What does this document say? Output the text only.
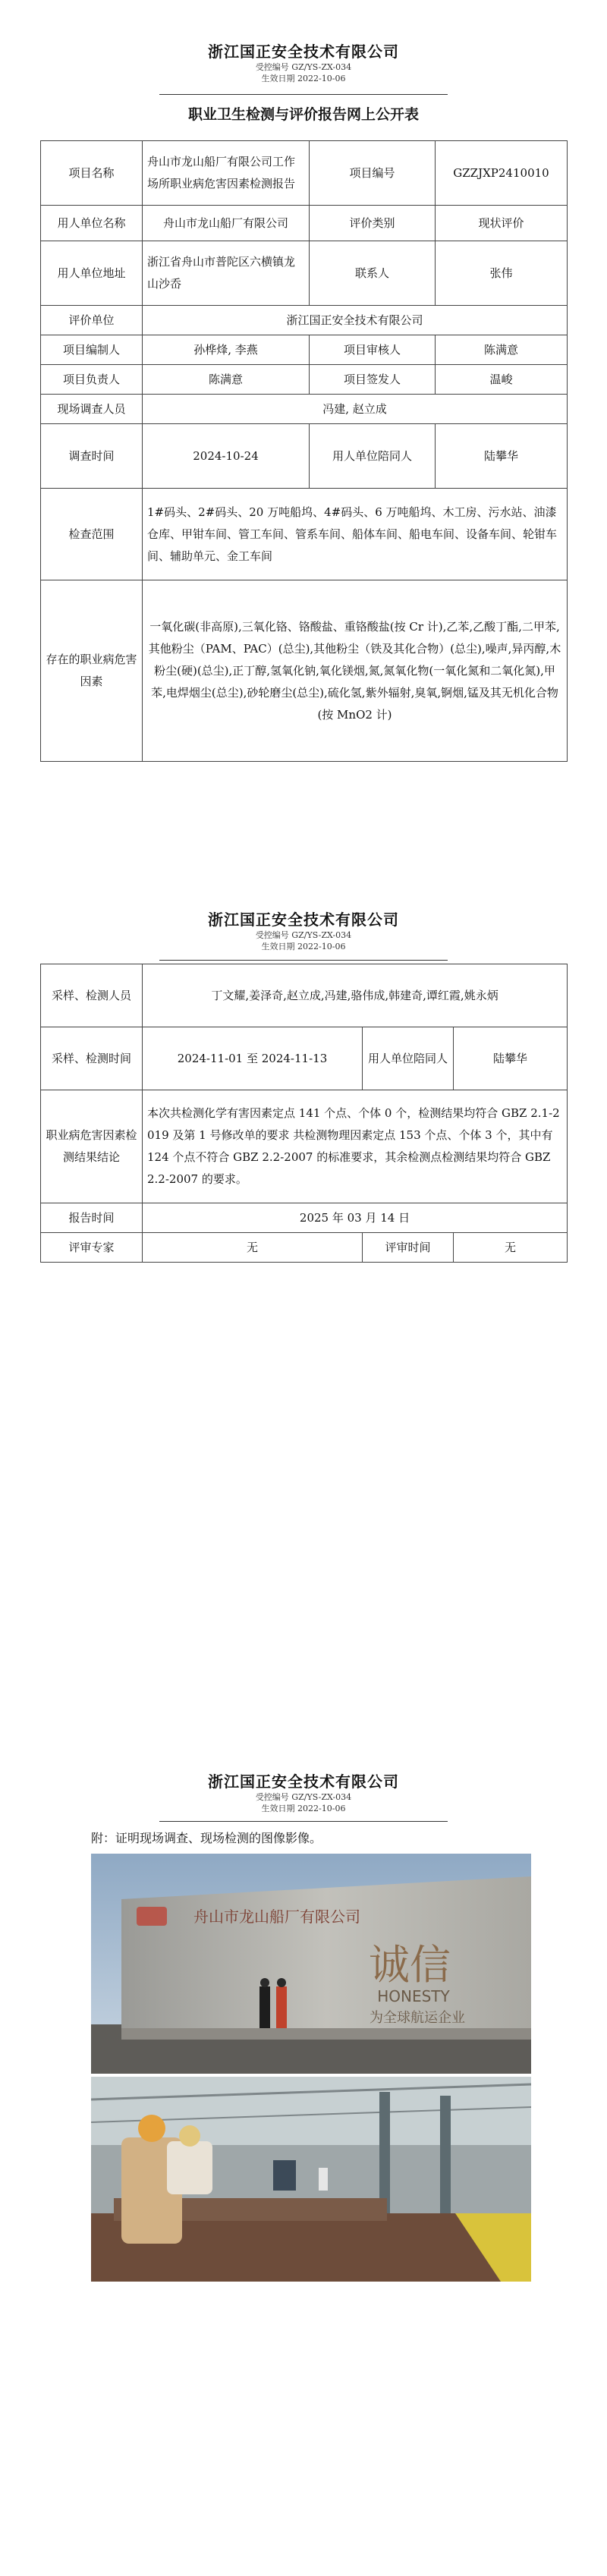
浙江国正安全技术有限公司
受控编号 GZ/YS-ZX-034
生效日期 2022-10-06
职业卫生检测与评价报告网上公开表
项目名称	舟山市龙山船厂有限公司工作场所职业病危害因素检测报告	项目编号	GZZJXP2410010
用人单位名称	舟山市龙山船厂有限公司	评价类别	现状评价
用人单位地址	浙江省舟山市普陀区六横镇龙山沙岙	联系人	张伟
评价单位	浙江国正安全技术有限公司		
项目编制人	孙桦烽, 李燕	项目审核人	陈满意
项目负责人	陈满意	项目签发人	温峻
现场调查人员	冯建, 赵立成		
调查时间	2024-10-24	用人单位陪同人	陆攀华
检查范围	1#码头、2#码头、20 万吨船坞、4#码头、6 万吨船坞、木工房、污水站、油漆仓库、甲钳车间、管工车间、管系车间、船体车间、船电车间、设备车间、轮钳车间、辅助单元、金工车间		
存在的职业病危害因素	一氧化碳(非高原),三氧化铬、铬酸盐、重铬酸盐(按 Cr 计),乙苯,乙酸丁酯,二甲苯,其他粉尘（PAM、PAC）(总尘),其他粉尘（铁及其化合物）(总尘),噪声,异丙醇,木粉尘(硬)(总尘),正丁醇,氢氧化钠,氧化镁烟,氮,氮氧化物(一氧化氮和二氧化氮),甲苯,电焊烟尘(总尘),砂轮磨尘(总尘),硫化氢,紫外辐射,臭氧,锕烟,锰及其无机化合物(按 MnO2 计)		
浙江国正安全技术有限公司
受控编号 GZ/YS-ZX-034
生效日期 2022-10-06
采样、检测人员	丁文耀,姜泽奇,赵立成,冯建,骆伟成,韩建奇,谭红霞,姚永炳		
采样、检测时间	2024-11-01 至 2024-11-13	用人单位陪同人	陆攀华
职业病危害因素检测结果结论	本次共检测化学有害因素定点 141 个点、个体 0 个，检测结果均符合 GBZ 2.1-2019 及第 1 号修改单的要求 共检测物理因素定点 153 个点、个体 3 个，其中有 124 个点不符合 GBZ 2.2-2007 的标准要求，其余检测点检测结果均符合 GBZ 2.2-2007 的要求。		
报告时间	2025 年 03 月 14 日		
评审专家	无	评审时间	无
浙江国正安全技术有限公司
受控编号 GZ/YS-ZX-034
生效日期 2022-10-06
附：证明现场调查、现场检测的图像影像。
舟山市龙山船厂有限公司
诚信
HONESTY
为全球航运企业
